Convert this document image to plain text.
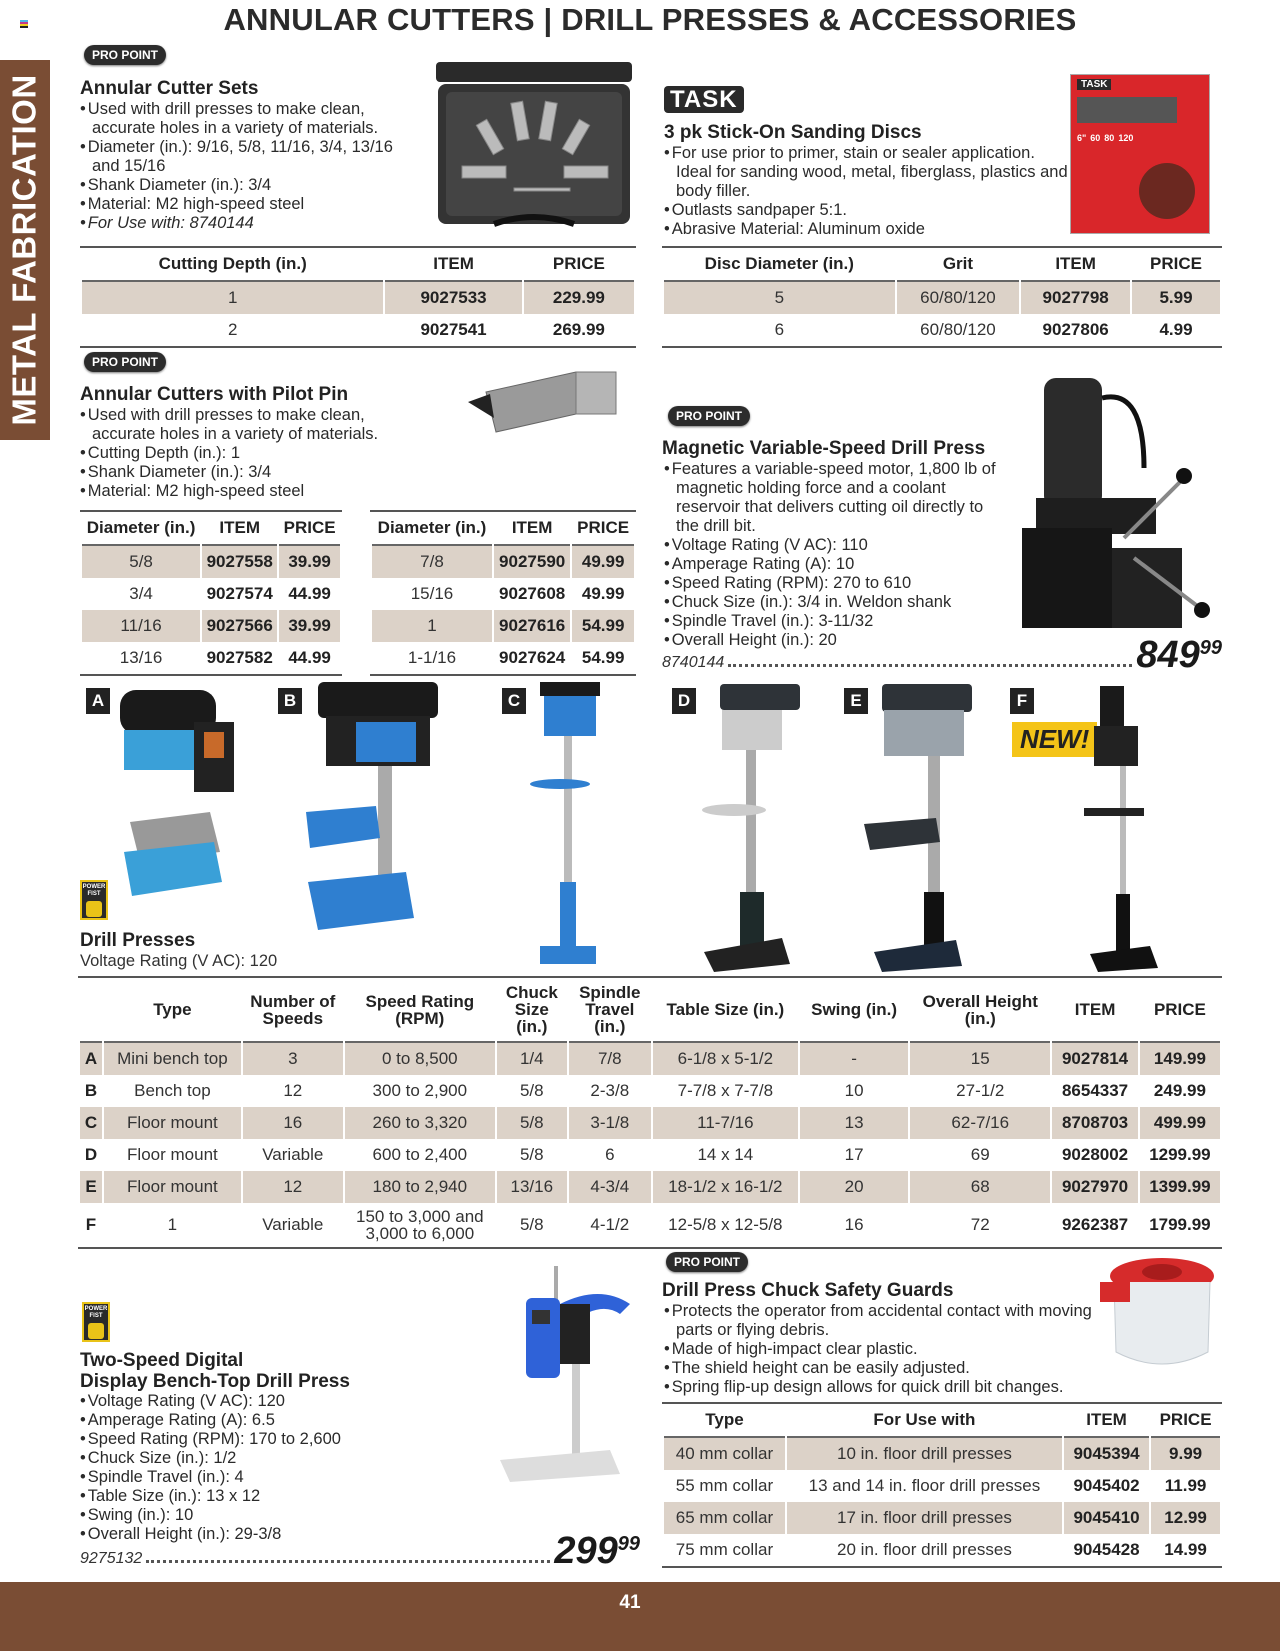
ANNULAR CUTTERS | DRILL PRESSES & ACCESSORIES
METAL FABRICATION
PRO POINT
Annular Cutter Sets
• Used with drill presses to make clean, accurate holes in a variety of materials.
• Diameter (in.): 9/16, 5/8, 11/16, 3/4, 13/16 and 15/16
• Shank Diameter (in.): 3/4
• Material: M2 high-speed steel
• For Use with: 8740144
Cutting Depth (in.)	ITEM	PRICE
1	9027533	229.99
2	9027541	269.99
TASK
3 pk Stick-On Sanding Discs
• For use prior to primer, stain or sealer application. Ideal for sanding wood, metal, fiberglass, plastics and body filler.
• Outlasts sandpaper 5:1.
• Abrasive Material: Aluminum oxide
TASK
6" 60 80 120
Disc Diameter (in.)	Grit	ITEM	PRICE
5	60/80/120	9027798	5.99
6	60/80/120	9027806	4.99
PRO POINT
Annular Cutters with Pilot Pin
• Used with drill presses to make clean, accurate holes in a variety of materials.
• Cutting Depth (in.): 1
• Shank Diameter (in.): 3/4
• Material: M2 high-speed steel
Diameter (in.)	ITEM	PRICE
5/8	9027558	39.99
3/4	9027574	44.99
11/16	9027566	39.99
13/16	9027582	44.99
Diameter (in.)	ITEM	PRICE
7/8	9027590	49.99
15/16	9027608	49.99
1	9027616	54.99
1-1/16	9027624	54.99
PRO POINT
Magnetic Variable-Speed Drill Press
• Features a variable-speed motor, 1,800 lb of magnetic holding force and a coolant reservoir that delivers cutting oil directly to the drill bit.
• Voltage Rating (V AC): 110
• Amperage Rating (A): 10
• Speed Rating (RPM): 270 to 610
• Chuck Size (in.): 3/4 in. Weldon shank
• Spindle Travel (in.): 3-11/32
• Overall Height (in.): 20
8740144	$849^{99}$
A	B	C	D	E	F
NEW!
POWER FIST
Drill Presses
Voltage Rating (V AC): 120
	Type	Number of Speeds	Speed Rating (RPM)	Chuck Size (in.)	Spindle Travel (in.)	Table Size (in.)	Swing (in.)	Overall Height (in.)	ITEM	PRICE
A	Mini bench top	3	0 to 8,500	1/4	7/8	6-1/8 x 5-1/2	-	15	9027814	149.99
B	Bench top	12	300 to 2,900	5/8	2-3/8	7-7/8 x 7-7/8	10	27-1/2	8654337	249.99
C	Floor mount	16	260 to 3,320	5/8	3-1/8	11-7/16	13	62-7/16	8708703	499.99
D	Floor mount	Variable	600 to 2,400	5/8	6	14 x 14	17	69	9028002	1299.99
E	Floor mount	12	180 to 2,940	13/16	4-3/4	18-1/2 x 16-1/2	20	68	9027970	1399.99
F	1	Variable	150 to 3,000 and 3,000 to 6,000	5/8	4-1/2	12-5/8 x 12-5/8	16	72	9262387	1799.99
POWER FIST
Two-Speed Digital
Display Bench-Top Drill Press
• Voltage Rating (V AC): 120
• Amperage Rating (A): 6.5
• Speed Rating (RPM): 170 to 2,600
• Chuck Size (in.): 1/2
• Spindle Travel (in.): 4
• Table Size (in.): 13 x 12
• Swing (in.): 10
• Overall Height (in.): 29-3/8
9275132	$299^{99}$
PRO POINT
Drill Press Chuck Safety Guards
• Protects the operator from accidental contact with moving parts or flying debris.
• Made of high-impact clear plastic.
• The shield height can be easily adjusted.
• Spring flip-up design allows for quick drill bit changes.
Type	For Use with	ITEM	PRICE
40 mm collar	10 in. floor drill presses	9045394	9.99
55 mm collar	13 and 14 in. floor drill presses	9045402	11.99
65 mm collar	17 in. floor drill presses	9045410	12.99
75 mm collar	20 in. floor drill presses	9045428	14.99
41
